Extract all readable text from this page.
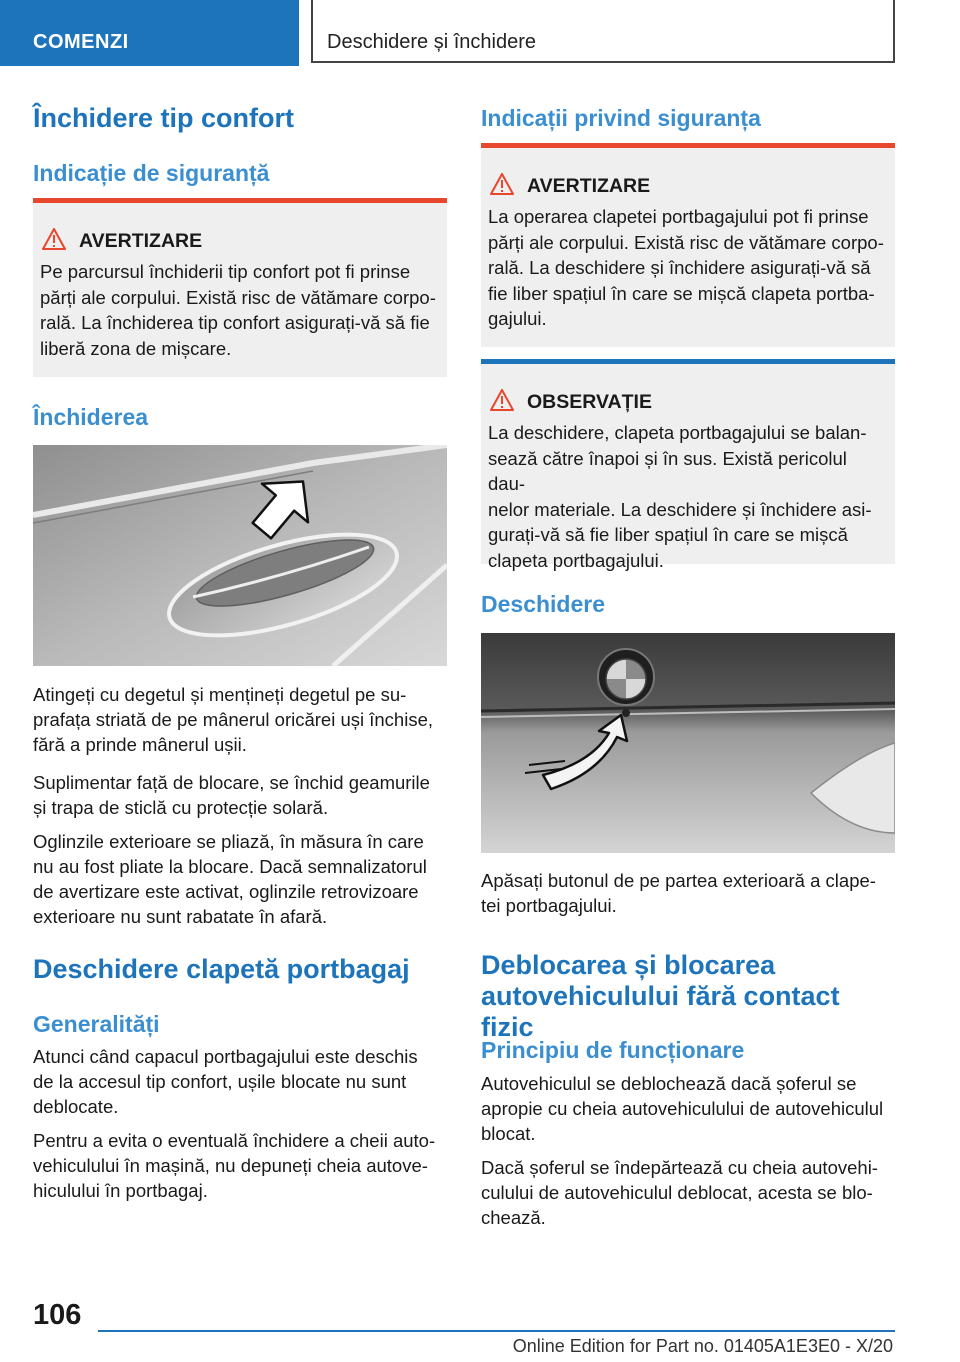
COMENZI	Deschidere și închidere
Închidere tip confort
Indicație de siguranță
AVERTIZARE

Pe parcursul închiderii tip confort pot fi prinse
părți ale corpului. Există risc de vătămare corpo-
rală. La închiderea tip confort asigurați-vă să fie
liberă zona de mișcare.

Închiderea

Atingeți cu degetul și mențineți degetul pe su-
prafața striată de pe mânerul oricărei uși închise,
fără a prinde mânerul ușii.

Suplimentar față de blocare, se închid geamurile
și trapa de sticlă cu protecție solară.

Oglinzile exterioare se pliază, în măsura în care
nu au fost pliate la blocare. Dacă semnalizatorul
de avertizare este activat, oglinzile retrovizoare
exterioare nu sunt rabatate în afară.

Deschidere clapetă portbagaj
Generalități

Atunci când capacul portbagajului este deschis
de la accesul tip confort, ușile blocate nu sunt
deblocate.

Pentru a evita o eventuală închidere a cheii auto-
vehiculului în mașină, nu depuneți cheia autove-
hiculului în portbagaj.

Indicații privind siguranța
AVERTIZARE

La operarea clapetei portbagajului pot fi prinse
părți ale corpului. Există risc de vătămare corpo-
rală. La deschidere și închidere asigurați-vă să
fie liber spațiul în care se mișcă clapeta portba-
gajului.

OBSERVAȚIE

La deschidere, clapeta portbagajului se balan-
sează către înapoi și în sus. Există pericolul dau-
nelor materiale. La deschidere și închidere asi-
gurați-vă să fie liber spațiul în care se mișcă
clapeta portbagajului.

Deschidere

Apăsați butonul de pe partea exterioară a clape-
tei portbagajului.

Deblocarea și blocarea
autovehiculului fără contact fizic
Principiu de funcționare

Autovehiculul se deblochează dacă șoferul se
apropie cu cheia autovehiculului de autovehiculul
blocat.

Dacă șoferul se îndepărtează cu cheia autovehi-
culului de autovehiculul deblocat, acesta se blo-
chează.

106
Online Edition for Part no. 01405A1E3E0 - X/20
